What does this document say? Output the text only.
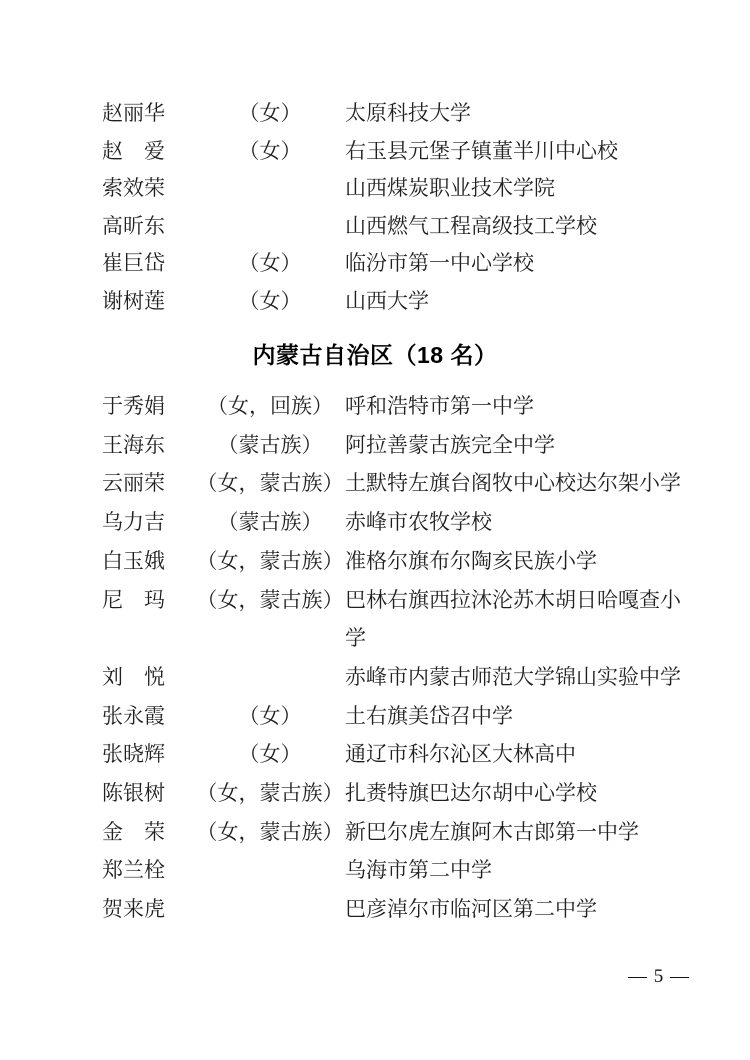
赵丽华	（女）	太原科技大学
赵　爱	（女）	右玉县元堡子镇董半川中心校
索效荣	山西煤炭职业技术学院
高昕东	山西燃气工程高级技工学校
崔巨岱	（女）	临汾市第一中心学校
谢树莲	（女）	山西大学
内蒙古自治区（18 名）
于秀娟	（女，回族） 呼和浩特市第一中学
王海东	（蒙古族）	阿拉善蒙古族完全中学
云丽荣	（女，蒙古族） 土默特左旗台阁牧中心校达尔架小学
乌力吉	（蒙古族）	赤峰市农牧学校
白玉娥	（女，蒙古族） 准格尔旗布尔陶亥民族小学
尼　玛	（女，蒙古族） 巴林右旗西拉沐沦苏木胡日哈嘎查小学
刘　悦	赤峰市内蒙古师范大学锦山实验中学
张永霞	（女）	土右旗美岱召中学
张晓辉	（女）	通辽市科尔沁区大林高中
陈银树	（女，蒙古族） 扎赉特旗巴达尔胡中心学校
金　荣	（女，蒙古族） 新巴尔虎左旗阿木古郎第一中学
郑兰栓	乌海市第二中学
贺来虎	巴彦淖尔市临河区第二中学
— 5 —
